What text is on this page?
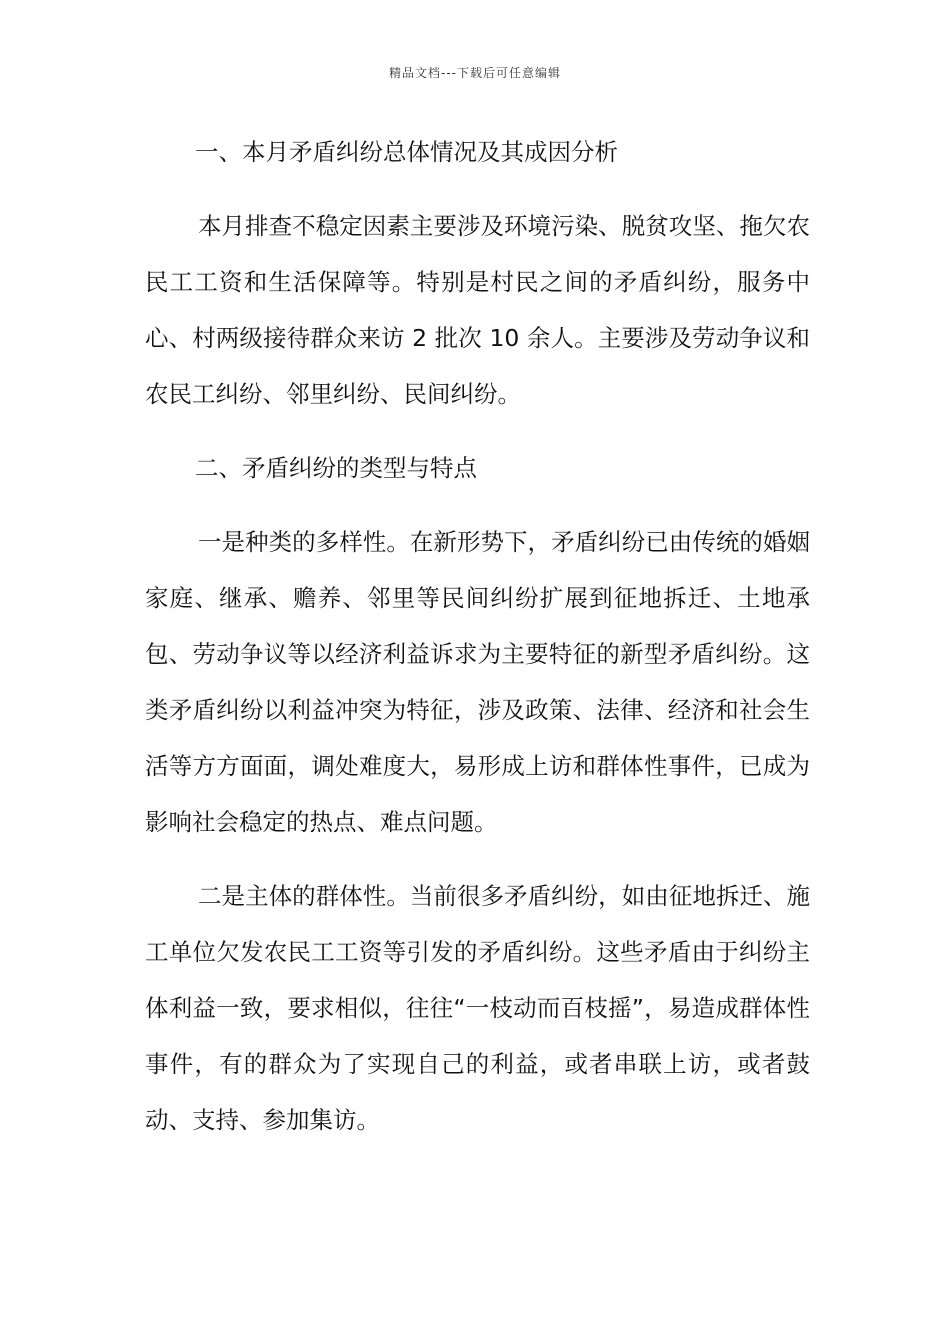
精品文档---下载后可任意编辑
一、本月矛盾纠纷总体情况及其成因分析

本月排查不稳定因素主要涉及环境污染、脱贫攻坚、拖欠农民工工资和生活保障等。特别是村民之间的矛盾纠纷，服务中心、村两级接待群众来访 2 批次 10 余人。主要涉及劳动争议和农民工纠纷、邻里纠纷、民间纠纷。

二、矛盾纠纷的类型与特点

一是种类的多样性。在新形势下，矛盾纠纷已由传统的婚姻家庭、继承、赡养、邻里等民间纠纷扩展到征地拆迁、土地承包、劳动争议等以经济利益诉求为主要特征的新型矛盾纠纷。这类矛盾纠纷以利益冲突为特征，涉及政策、法律、经济和社会生活等方方面面，调处难度大，易形成上访和群体性事件，已成为影响社会稳定的热点、难点问题。

二是主体的群体性。当前很多矛盾纠纷，如由征地拆迁、施工单位欠发农民工工资等引发的矛盾纠纷。这些矛盾由于纠纷主体利益一致，要求相似，往往“一枝动而百枝摇”，易造成群体性事件，有的群众为了实现自己的利益，或者串联上访，或者鼓动、支持、参加集访。
